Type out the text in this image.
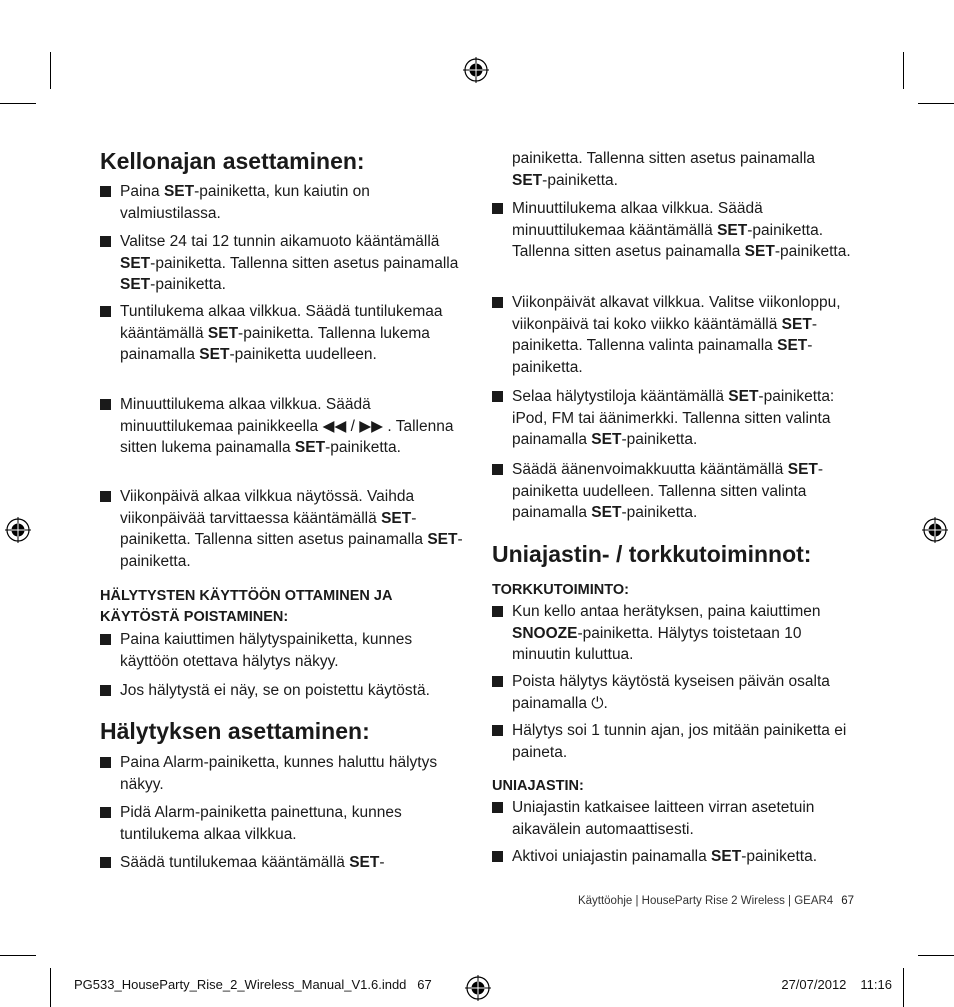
Kellonajan asettaminen:
Paina SET-painiketta, kun kaiutin on valmiustilassa.
Valitse 24 tai 12 tunnin aikamuoto kääntämällä SET-painiketta. Tallenna sitten asetus painamalla SET-painiketta.
Tuntilukema alkaa vilkkua. Säädä tuntilukemaa kääntämällä SET-painiketta. Tallenna lukema painamalla SET-painiketta uudelleen.
Minuuttilukema alkaa vilkkua. Säädä minuuttilukemaa painikkeella ◀◀ / ▶▶ . Tallenna sitten lukema painamalla SET-painiketta.
Viikonpäivä alkaa vilkkua näytössä. Vaihda viikonpäivää tarvittaessa kääntämällä SET-painiketta. Tallenna sitten asetus painamalla SET-painiketta.
HÄLYTYSTEN KÄYTTÖÖN OTTAMINEN JA KÄYTÖSTÄ POISTAMINEN:
Paina kaiuttimen hälytyspainiketta, kunnes käyttöön otettava hälytys näkyy.
Jos hälytystä ei näy, se on poistettu käytöstä.
Hälytyksen asettaminen:
Paina Alarm-painiketta, kunnes haluttu hälytys näkyy.
Pidä Alarm-painiketta painettuna, kunnes tuntilukema alkaa vilkkua.
Säädä tuntilukemaa kääntämällä SET-
painiketta. Tallenna sitten asetus painamalla SET-painiketta.
Minuuttilukema alkaa vilkkua. Säädä minuuttilukemaa kääntämällä SET-painiketta. Tallenna sitten asetus painamalla SET-painiketta.
Viikonpäivät alkavat vilkkua. Valitse viikonloppu, viikonpäivä tai koko viikko kääntämällä SET-painiketta. Tallenna valinta painamalla SET-painiketta.
Selaa hälytystiloja kääntämällä SET-painiketta: iPod, FM tai äänimerkki. Tallenna sitten valinta painamalla SET-painiketta.
Säädä äänenvoimakkuutta kääntämällä SET-painiketta uudelleen. Tallenna sitten valinta painamalla SET-painiketta.
Uniajastin- / torkkutoiminnot:
TORKKUTOIMINTO:
Kun kello antaa herätyksen, paina kaiuttimen SNOOZE-painiketta. Hälytys toistetaan 10 minuutin kuluttua.
Poista hälytys käytöstä kyseisen päivän osalta painamalla ⏻.
Hälytys soi 1 tunnin ajan, jos mitään painiketta ei paineta.
UNIAJASTIN:
Uniajastin katkaisee laitteen virran asetetuin aikavälein automaattisesti.
Aktivoi uniajastin painamalla SET-painiketta.
Käyttöohje | HouseParty Rise 2 Wireless | GEAR4 67
PG533_HouseParty_Rise_2_Wireless_Manual_V1.6.indd   67	27/07/2012 11:16
